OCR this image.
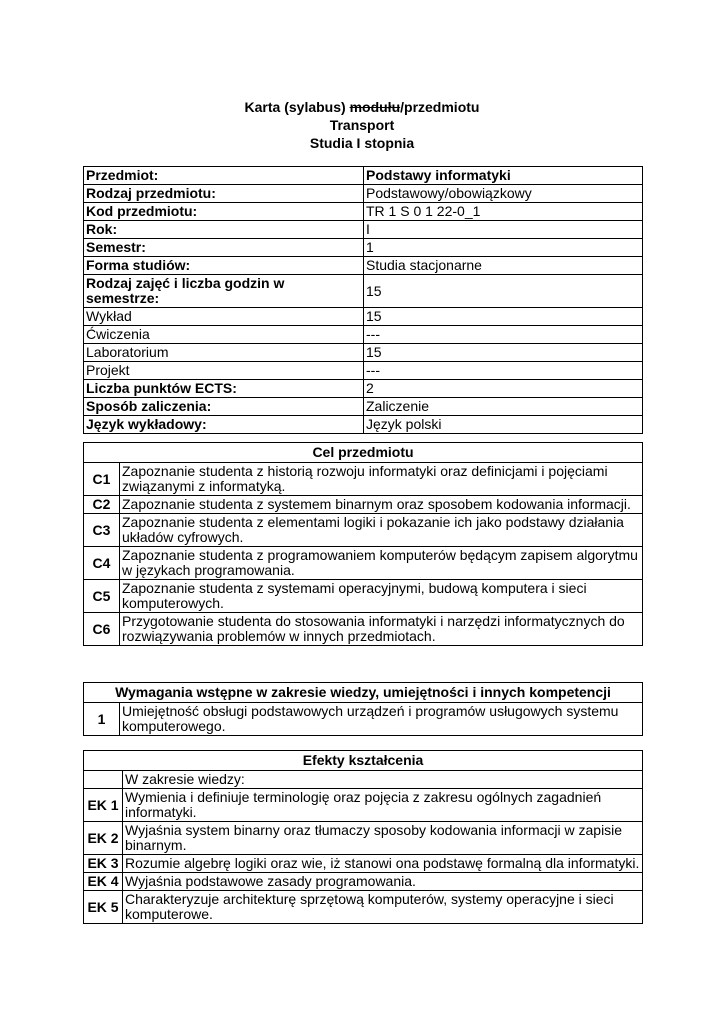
Karta (sylabus) modułu/przedmiotu
Transport
Studia I stopnia
Przedmiot:	Podstawy informatyki
Rodzaj przedmiotu:	Podstawowy/obowiązkowy
Kod przedmiotu:	TR 1 S 0 1 22-0_1
Rok:	I
Semestr:	1
Forma studiów:	Studia stacjonarne
Rodzaj zajęć i liczba godzin w semestrze:	15
Wykład	15
Ćwiczenia	---
Laboratorium	15
Projekt	---
Liczba punktów ECTS:	2
Sposób zaliczenia:	Zaliczenie
Język wykładowy:	Język polski
Cel przedmiotu	
C1	Zapoznanie studenta z historią rozwoju informatyki oraz definicjami i pojęciami związanymi z informatyką.
C2	Zapoznanie studenta z systemem binarnym oraz sposobem kodowania informacji.
C3	Zapoznanie studenta z elementami logiki i pokazanie ich jako podstawy działania układów cyfrowych.
C4	Zapoznanie studenta z programowaniem komputerów będącym zapisem algorytmu w językach programowania.
C5	Zapoznanie studenta z systemami operacyjnymi, budową komputera i sieci komputerowych.
C6	Przygotowanie studenta do stosowania informatyki i narzędzi informatycznych do rozwiązywania problemów w innych przedmiotach.
Wymagania wstępne w zakresie wiedzy, umiejętności i innych kompetencji
1	Umiejętność obsługi podstawowych urządzeń i programów usługowych systemu komputerowego.
Efekty kształcenia	
	W zakresie wiedzy:
EK 1	Wymienia i definiuje terminologię oraz pojęcia z zakresu ogólnych zagadnień informatyki.
EK 2	Wyjaśnia system binarny oraz tłumaczy sposoby kodowania informacji w zapisie binarnym.
EK 3	Rozumie algebrę logiki oraz wie, iż stanowi ona podstawę formalną dla informatyki.
EK 4	Wyjaśnia podstawowe zasady programowania.
EK 5	Charakteryzuje architekturę sprzętową komputerów, systemy operacyjne i sieci komputerowe.
